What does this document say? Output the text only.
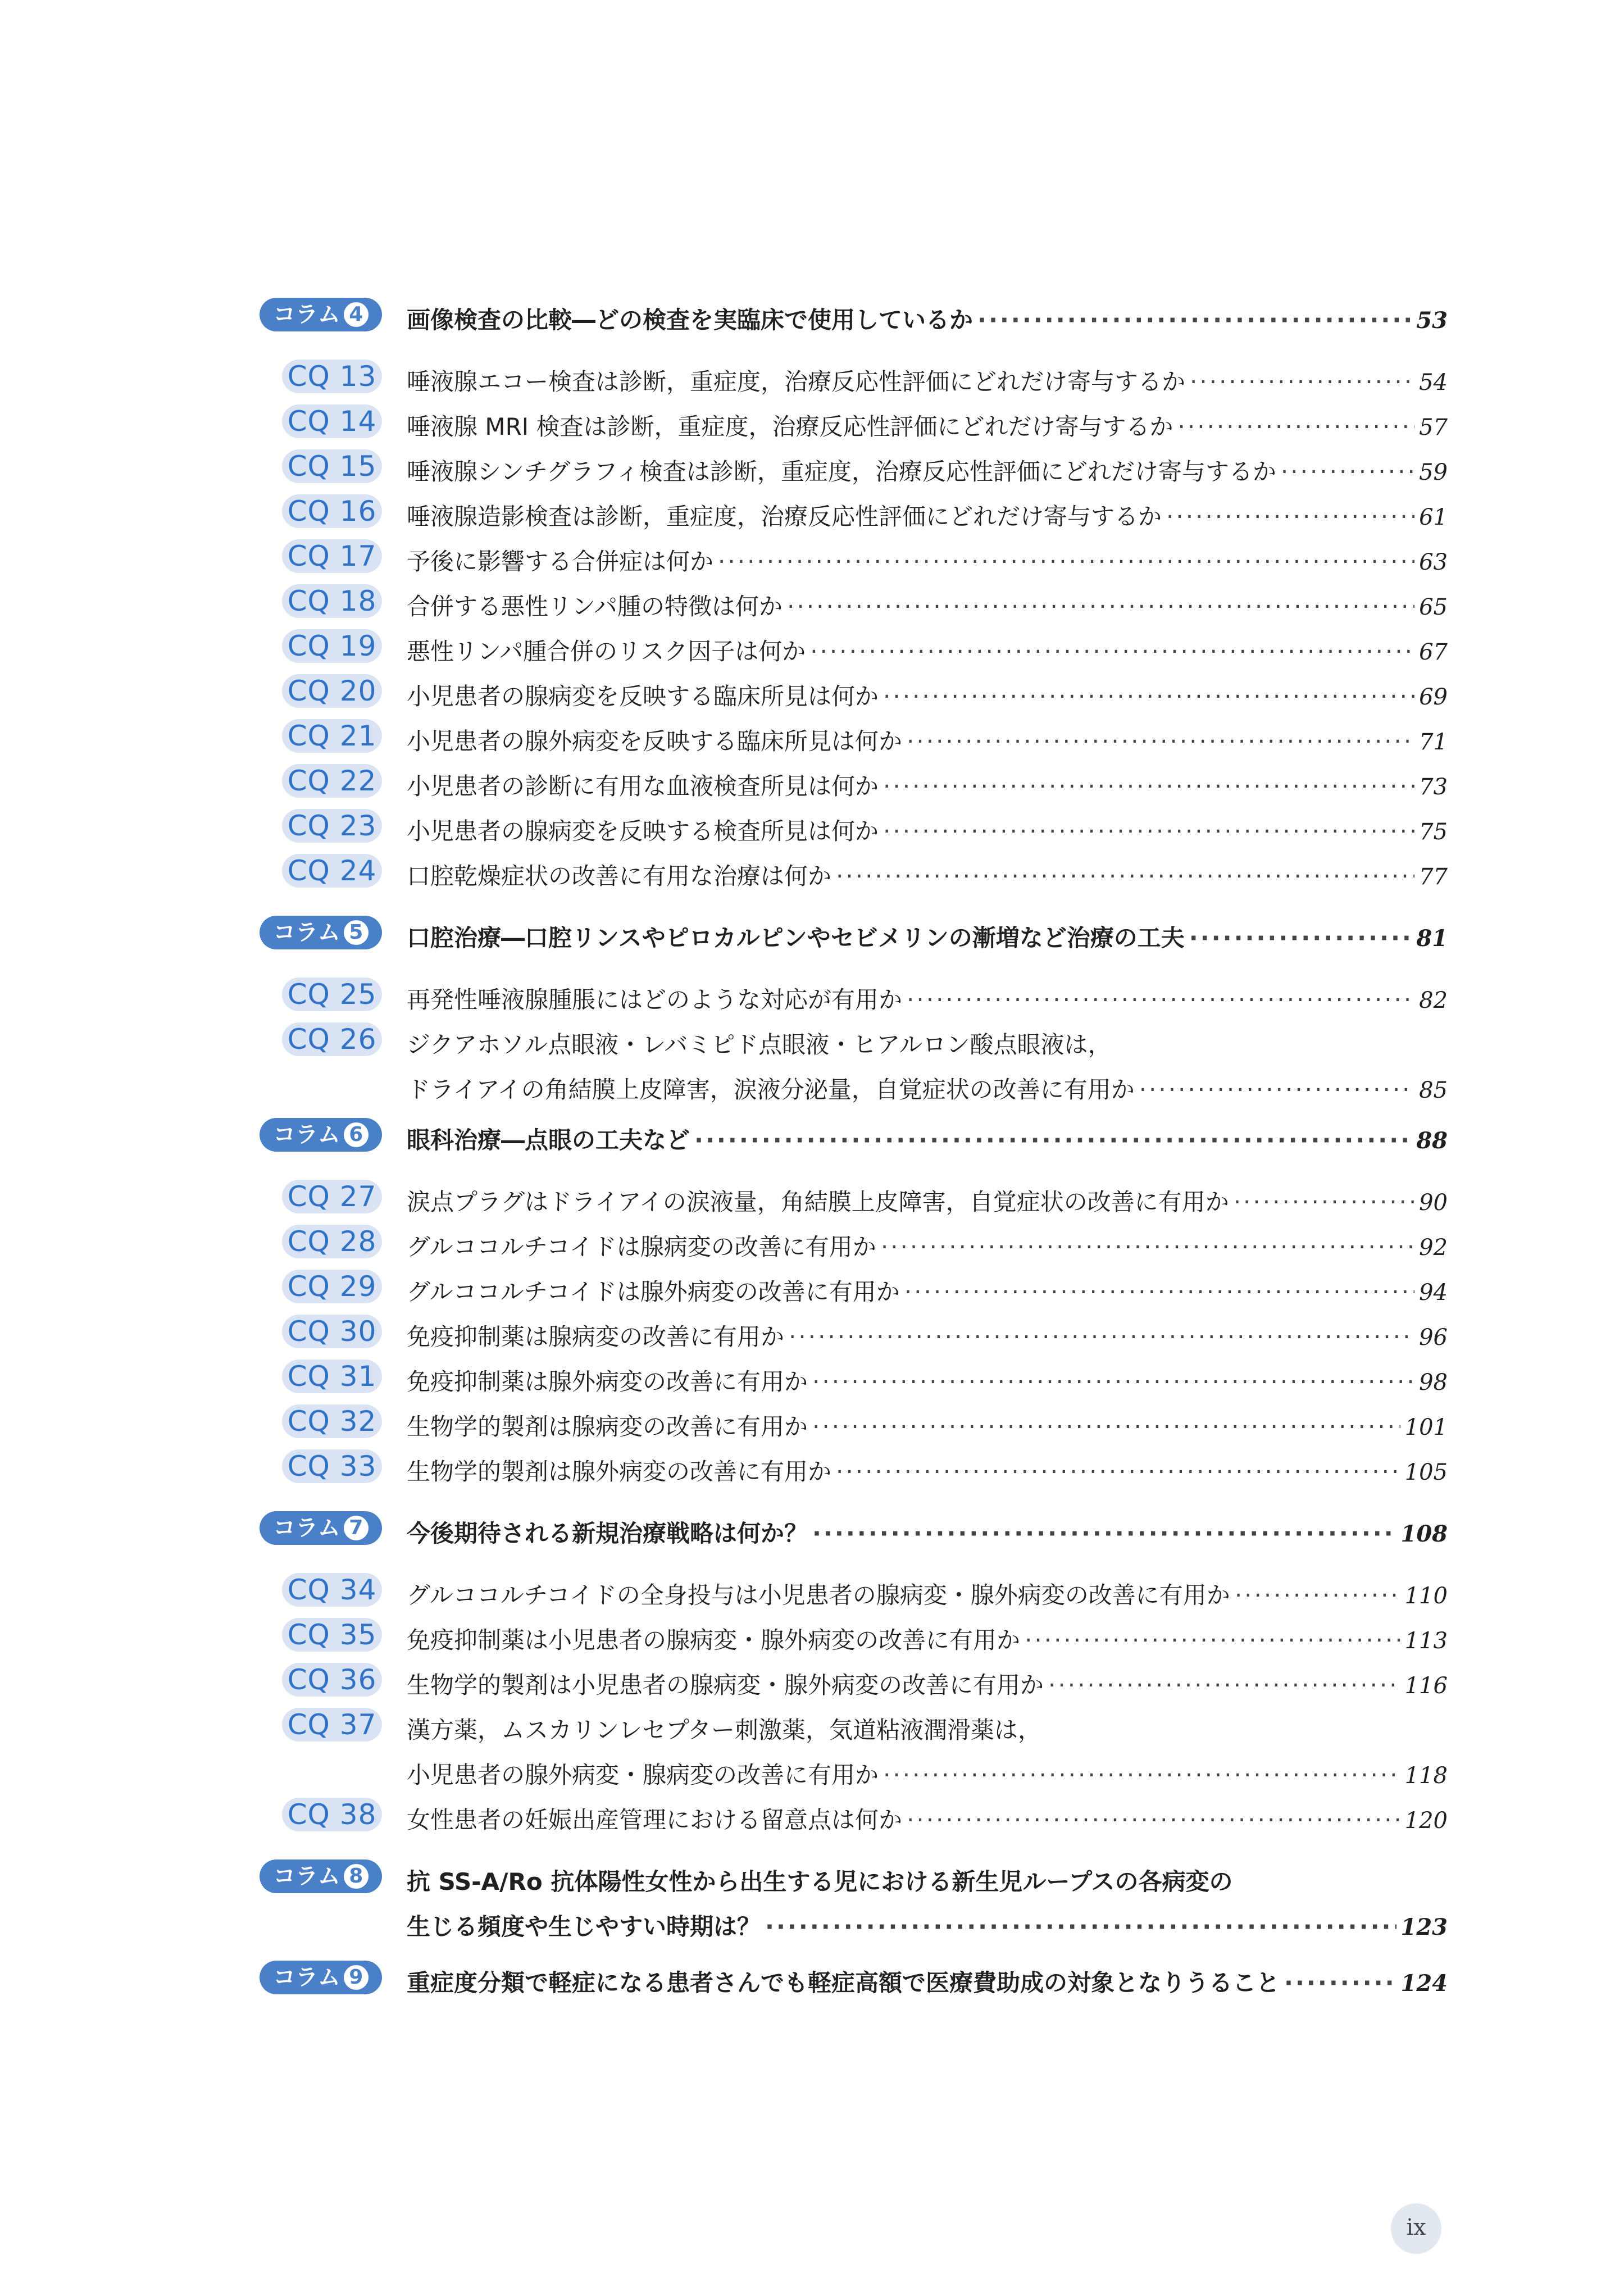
コラム 4	画像検査の比較―どの検査を実臨床で使用しているか ·····	53
CQ 13 唾液腺エコー検査は診断，重症度，治療反応性評価にどれだけ寄与するか ·····	54
CQ 14 唾液腺 MRI 検査は診断，重症度，治療反応性評価にどれだけ寄与するか ·····	57
CQ 15 唾液腺シンチグラフィ検査は診断，重症度，治療反応性評価にどれだけ寄与するか ·····	59
CQ 16 唾液腺造影検査は診断，重症度，治療反応性評価にどれだけ寄与するか ·····	61
CQ 17 予後に影響する合併症は何か ·····	63
CQ 18 合併する悪性リンパ腫の特徴は何か ·····	65
CQ 19 悪性リンパ腫合併のリスク因子は何か ·····	67
CQ 20 小児患者の腺病変を反映する臨床所見は何か ·····	69
CQ 21 小児患者の腺外病変を反映する臨床所見は何か ·····	71
CQ 22 小児患者の診断に有用な血液検査所見は何か ·····	73
CQ 23 小児患者の腺病変を反映する検査所見は何か ·····	75
CQ 24 口腔乾燥症状の改善に有用な治療は何か ·····	77
コラム 5	口腔治療―口腔リンスやピロカルピンやセビメリンの漸増など治療の工夫 ·····	81
CQ 25 再発性唾液腺腫脹にはどのような対応が有用か ·····	82
CQ 26 ジクアホソル点眼液・レバミピド点眼液・ヒアルロン酸点眼液は，
ドライアイの角結膜上皮障害，涙液分泌量，自覚症状の改善に有用か ·····	85
コラム 6	眼科治療―点眼の工夫など ·····	88
CQ 27 涙点プラグはドライアイの涙液量，角結膜上皮障害，自覚症状の改善に有用か ·····	90
CQ 28 グルココルチコイドは腺病変の改善に有用か ·····	92
CQ 29 グルココルチコイドは腺外病変の改善に有用か ·····	94
CQ 30 免疫抑制薬は腺病変の改善に有用か ·····	96
CQ 31 免疫抑制薬は腺外病変の改善に有用か ·····	98
CQ 32 生物学的製剤は腺病変の改善に有用か ·····	101
CQ 33 生物学的製剤は腺外病変の改善に有用か ·····	105
コラム 7	今後期待される新規治療戦略は何か？ ·····	108
CQ 34 グルココルチコイドの全身投与は小児患者の腺病変・腺外病変の改善に有用か ·····	110
CQ 35 免疫抑制薬は小児患者の腺病変・腺外病変の改善に有用か ·····	113
CQ 36 生物学的製剤は小児患者の腺病変・腺外病変の改善に有用か ·····	116
CQ 37 漢方薬，ムスカリンレセプター刺激薬，気道粘液潤滑薬は，
小児患者の腺外病変・腺病変の改善に有用か ·····	118
CQ 38 女性患者の妊娠出産管理における留意点は何か ·····	120
コラム 8	抗 SS-A/Ro 抗体陽性女性から出生する児における新生児ループスの各病変の
生じる頻度や生じやすい時期は？ ·····	123
コラム 9	重症度分類で軽症になる患者さんでも軽症高額で医療費助成の対象となりうること ·····	124
ix
